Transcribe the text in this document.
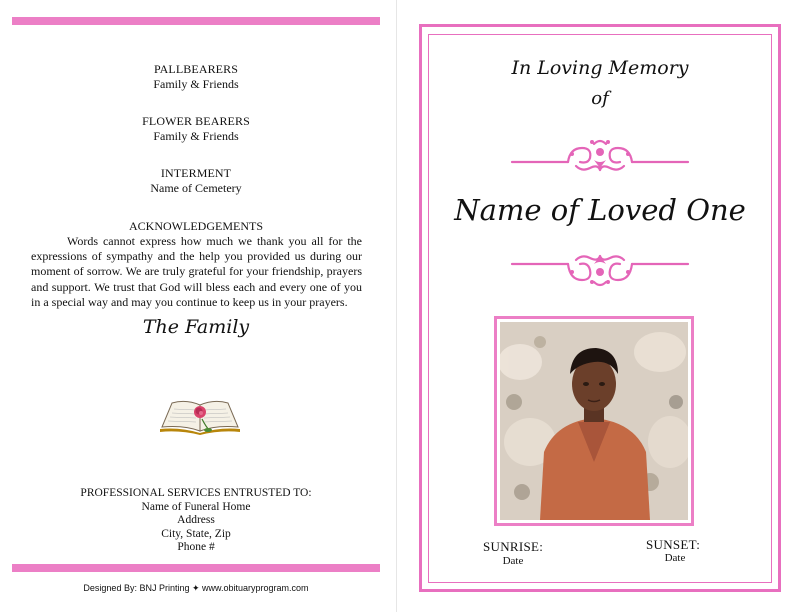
PALLBEARERS
Family & Friends
FLOWER BEARERS
Family & Friends
INTERMENT
Name of Cemetery
ACKNOWLEDGEMENTS
Words cannot express how much we thank you all for the expressions of sympathy and the help you provided us during our moment of sorrow. We are truly grateful for your friendship, prayers and support. We trust that God will bless each and every one of you in a special way and may you continue to keep us in your prayers.
The Family
PROFESSIONAL SERVICES ENTRUSTED TO:
Name of Funeral Home
Address
City, State, Zip
Phone #
Designed By: BNJ Printing ✦ www.obituaryprogram.com
In Loving Memory
of
Name of Loved One
SUNRISE:
Date
SUNSET:
Date
